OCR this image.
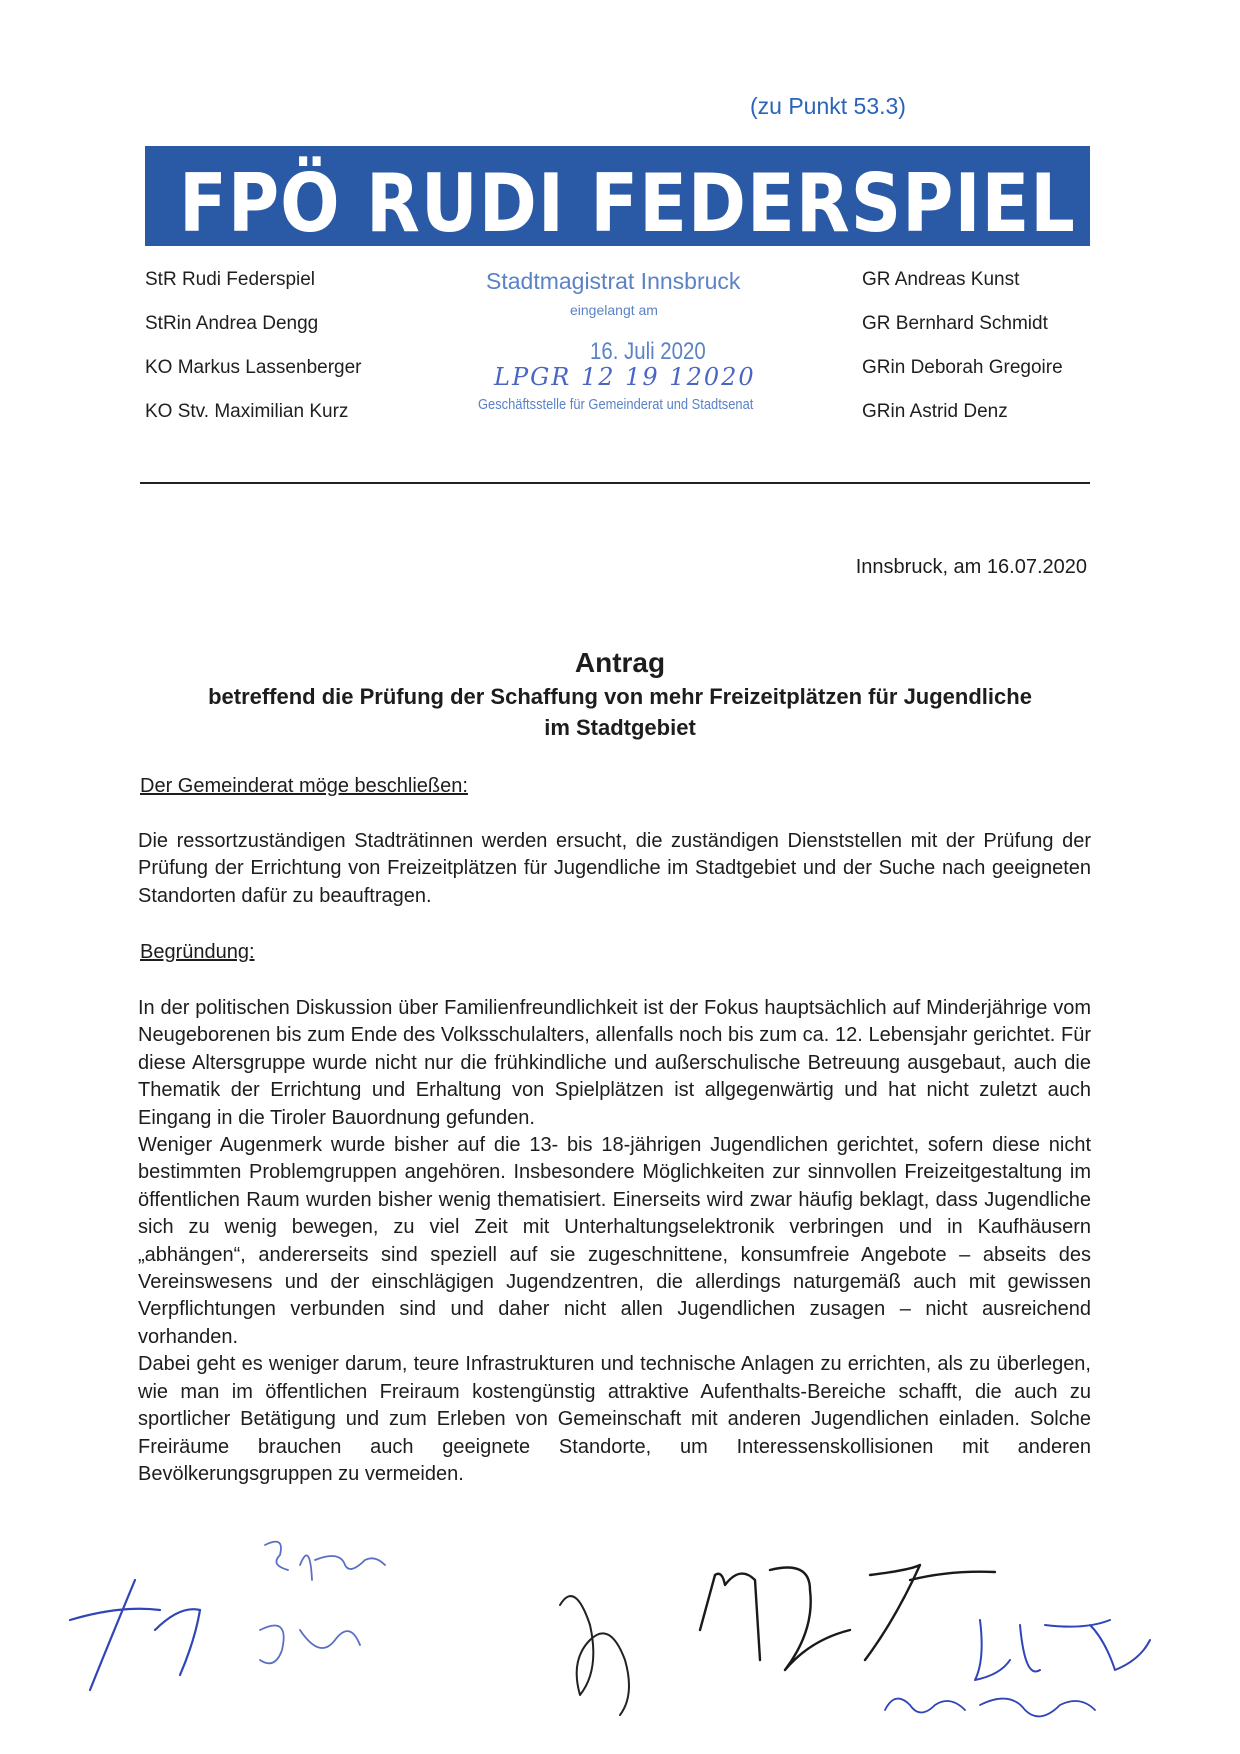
(zu Punkt 53.3)
FPÖ RUDI FEDERSPIEL
StR Rudi Federspiel
StRin Andrea Dengg
KO Markus Lassenberger
KO Stv. Maximilian Kurz
Stadtmagistrat Innsbruck
eingelangt am
16. Juli 2020
LPGR 12 19 12020
Geschäftsstelle für Gemeinderat und Stadtsenat
GR Andreas Kunst
GR Bernhard Schmidt
GRin Deborah Gregoire
GRin Astrid Denz
Innsbruck, am 16.07.2020
Antrag
betreffend die Prüfung der Schaffung von mehr Freizeitplätzen für Jugendliche
im Stadtgebiet
Der Gemeinderat möge beschließen:
Die ressortzuständigen Stadträtinnen werden ersucht, die zuständigen Dienststellen mit der Prüfung der Prüfung der Errichtung von Freizeitplätzen für Jugendliche im Stadtgebiet und der Suche nach geeigneten Standorten dafür zu beauftragen.
Begründung:
In der politischen Diskussion über Familienfreundlichkeit ist der Fokus hauptsächlich auf Minderjährige vom Neugeborenen bis zum Ende des Volksschulalters, allenfalls noch bis zum ca. 12. Lebensjahr gerichtet. Für diese Altersgruppe wurde nicht nur die frühkindliche und außerschulische Betreuung ausgebaut, auch die Thematik der Errichtung und Erhaltung von Spielplätzen ist allgegenwärtig und hat nicht zuletzt auch Eingang in die Tiroler Bauordnung gefunden.
Weniger Augenmerk wurde bisher auf die 13- bis 18-jährigen Jugendlichen gerichtet, sofern diese nicht bestimmten Problemgruppen angehören. Insbesondere Möglichkeiten zur sinnvollen Freizeitgestaltung im öffentlichen Raum wurden bisher wenig thematisiert. Einerseits wird zwar häufig beklagt, dass Jugendliche sich zu wenig bewegen, zu viel Zeit mit Unterhaltungselektronik verbringen und in Kaufhäusern „abhängen“, andererseits sind speziell auf sie zugeschnittene, konsumfreie Angebote – abseits des Vereinswesens und der einschlägigen Jugendzentren, die allerdings naturgemäß auch mit gewissen Verpflichtungen verbunden sind und daher nicht allen Jugendlichen zusagen – nicht ausreichend vorhanden.
Dabei geht es weniger darum, teure Infrastrukturen und technische Anlagen zu errichten, als zu überlegen, wie man im öffentlichen Freiraum kostengünstig attraktive Aufenthalts-Bereiche schafft, die auch zu sportlicher Betätigung und zum Erleben von Gemeinschaft mit anderen Jugendlichen einladen. Solche Freiräume brauchen auch geeignete Standorte, um Interessenskollisionen mit anderen Bevölkerungsgruppen zu vermeiden.
